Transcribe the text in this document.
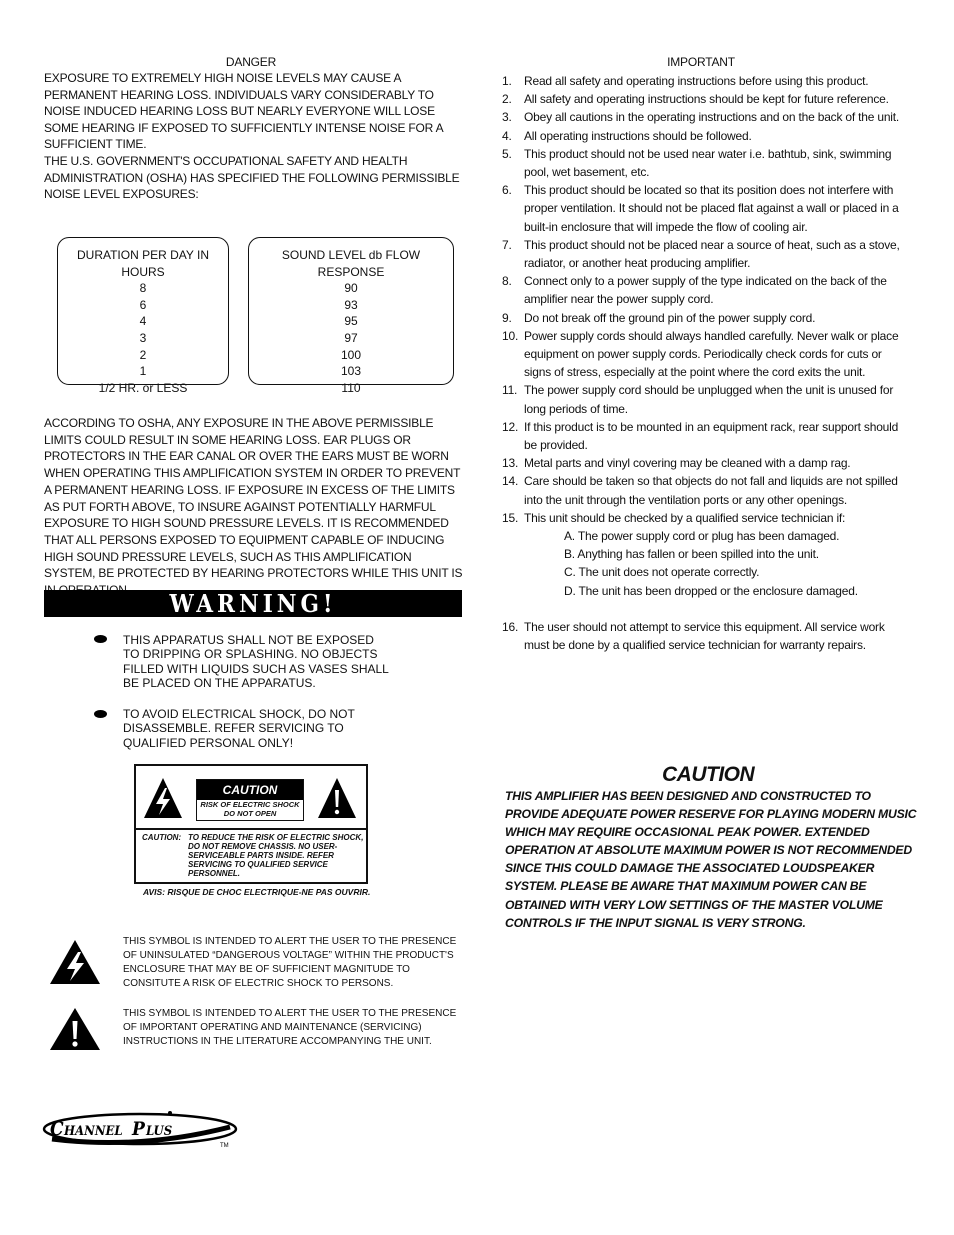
DANGER
EXPOSURE TO EXTREMELY HIGH NOISE LEVELS MAY CAUSE A PERMANENT HEARING LOSS. INDIVIDUALS VARY CONSIDERABLY TO NOISE INDUCED HEARING LOSS BUT NEARLY EVERYONE WILL LOSE SOME HEARING IF EXPOSED TO SUFFICIENTLY INTENSE NOISE FOR A SUFFICIENT TIME.
THE U.S. GOVERNMENT'S OCCUPATIONAL SAFETY AND HEALTH ADMINISTRATION (OSHA) HAS SPECIFIED THE FOLLOWING PERMISSIBLE NOISE LEVEL EXPOSURES:
DURATION PER DAY IN HOURS
8
6
4
3
2
1
1/2 HR. or LESS
SOUND LEVEL db FLOW RESPONSE
90
93
95
97
100
103
110
ACCORDING TO OSHA, ANY EXPOSURE IN THE ABOVE PERMISSIBLE LIMITS COULD RESULT IN SOME HEARING LOSS. EAR PLUGS OR PROTECTORS IN THE EAR CANAL OR OVER THE EARS MUST BE WORN WHEN OPERATING THIS AMPLIFICATION SYSTEM IN ORDER TO PREVENT A PERMANENT HEARING LOSS. IF EXPOSURE IN EXCESS OF THE LIMITS AS PUT FORTH ABOVE, TO INSURE AGAINST POTENTIALLY HARMFUL EXPOSURE TO HIGH SOUND PRESSURE LEVELS. IT IS RECOMMENDED THAT ALL PERSONS EXPOSED TO EQUIPMENT CAPABLE OF INDUCING HIGH SOUND PRESSURE LEVELS, SUCH AS THIS AMPLIFICATION SYSTEM, BE PROTECTED BY HEARING PROTECTORS WHILE THIS UNIT IS
WARNING!
THIS APPARATUS SHALL NOT BE EXPOSED TO DRIPPING OR SPLASHING. NO OBJECTS FILLED WITH LIQUIDS SUCH AS VASES SHALL BE PLACED ON THE APPARATUS.
TO AVOID ELECTRICAL SHOCK, DO NOT DISASSEMBLE. REFER SERVICING TO QUALIFIED PERSONAL ONLY!
CAUTION
RISK OF ELECTRIC SHOCK
DO NOT OPEN
CAUTION: TO REDUCE THE RISK OF ELECTRIC SHOCK, DO NOT REMOVE CHASSIS. NO USER-SERVICEABLE PARTS INSIDE. REFER SERVICING TO QUALIFIED SERVICE PERSONNEL.
AVIS: RISQUE DE CHOC ELECTRIQUE-NE PAS OUVRIR.
THIS SYMBOL IS INTENDED TO ALERT THE USER TO THE PRESENCE OF UNINSULATED “DANGEROUS VOLTAGE” WITHIN THE PRODUCT'S ENCLOSURE THAT MAY BE OF SUFFICIENT MAGNITUDE TO CONSITUTE A RISK OF ELECTRIC SHOCK TO PERSONS.
THIS SYMBOL IS INTENDED TO ALERT THE USER TO THE PRESENCE OF IMPORTANT OPERATING AND MAINTENANCE (SERVICING) INSTRUCTIONS IN THE LITERATURE ACCOMPANYING THE UNIT.
C HANNEL P LUS
TM
IMPORTANT
1. Read all safety and operating instructions before using this product.
2. All safety and operating instructions should be kept for future reference.
3. Obey all cautions in the operating instructions and on the back of the unit.
4. All operating instructions should be followed.
5. This product should not be used near water i.e. bathtub, sink, swimming pool, wet basement, etc.
6. This product should be located so that its position does not interfere with proper ventilation. It should not be placed flat against a wall or placed in a built-in enclosure that will impede the flow of cooling air.
7. This product should not be placed near a source of heat, such as a stove, radiator, or another heat producing amplifier.
8. Connect only to a power supply of the type indicated on the back of the amplifier near the power supply cord.
9. Do not break off the ground pin of the power supply cord.
10. Power supply cords should always handled carefully. Never walk or place equipment on power supply cords. Periodically check cords for cuts or signs of stress, especially at the point where the cord exits the unit.
11. The power supply cord should be unplugged when the unit is unused for long periods of time.
12. If this product is to be mounted in an equipment rack, rear support should be provided.
13. Metal parts and vinyl covering may be cleaned with a damp rag.
14. Care should be taken so that objects do not fall and liquids are not spilled into the unit through the ventilation ports or any other openings.
15. This unit should be checked by a qualified service technician if:
A. The power supply cord or plug has been damaged.
B. Anything has fallen or been spilled into the unit.
C. The unit does not operate correctly.
D. The unit has been dropped or the enclosure damaged.
16. The user should not attempt to service this equipment. All service work must be done by a qualified service technician for warranty repairs.
CAUTION
THIS AMPLIFIER HAS BEEN DESIGNED AND CONSTRUCTED TO PROVIDE ADEQUATE POWER RESERVE FOR PLAYING MODERN MUSIC WHICH MAY REQUIRE OCCASIONAL PEAK POWER. EXTENDED OPERATION AT ABSOLUTE MAXIMUM POWER IS NOT RECOMMENDED SINCE THIS COULD DAMAGE THE ASSOCIATED LOUDSPEAKER SYSTEM. PLEASE BE AWARE THAT MAXIMUM POWER CAN BE OBTAINED WITH VERY LOW SETTINGS OF THE MASTER VOLUME CONTROLS IF THE INPUT SIGNAL IS VERY STRONG.
